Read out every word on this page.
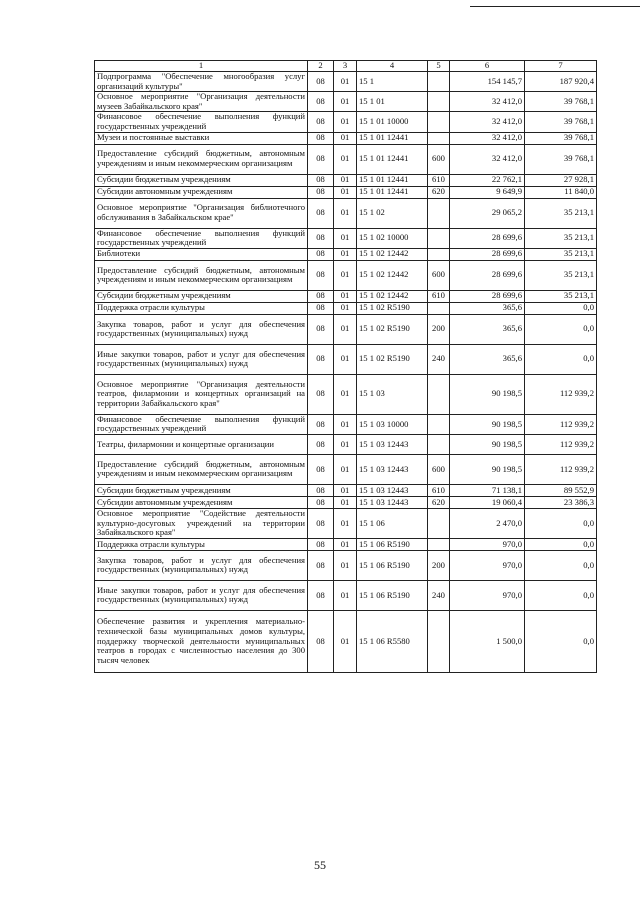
1	2	3	4	5	6	7
Подпрограмма "Обеспечение многообразия услуг организаций культуры"	08	01	15 1		154 145,7	187 920,4
Основное мероприятие "Организация деятельности музеев Забайкальского края"	08	01	15 1 01		32 412,0	39 768,1
Финансовое обеспечение выполнения функций государственных учреждений	08	01	15 1 01 10000		32 412,0	39 768,1
Музеи и постоянные выставки	08	01	15 1 01 12441		32 412,0	39 768,1
Предоставление субсидий бюджетным, автономным учреждениям и иным некоммерческим организациям	08	01	15 1 01 12441	600	32 412,0	39 768,1
Субсидии бюджетным учреждениям	08	01	15 1 01 12441	610	22 762,1	27 928,1
Субсидии автономным учреждениям	08	01	15 1 01 12441	620	9 649,9	11 840,0
Основное мероприятие "Организация библиотечного обслуживания в Забайкальском крае"	08	01	15 1 02		29 065,2	35 213,1
Финансовое обеспечение выполнения функций государственных учреждений	08	01	15 1 02 10000		28 699,6	35 213,1
Библиотеки	08	01	15 1 02 12442		28 699,6	35 213,1
Предоставление субсидий бюджетным, автономным учреждениям и иным некоммерческим организациям	08	01	15 1 02 12442	600	28 699,6	35 213,1
Субсидии бюджетным учреждениям	08	01	15 1 02 12442	610	28 699,6	35 213,1
Поддержка отрасли культуры	08	01	15 1 02 R5190		365,6	0,0
Закупка товаров, работ и услуг для обеспечения государственных (муниципальных) нужд	08	01	15 1 02 R5190	200	365,6	0,0
Иные закупки товаров, работ и услуг для обеспечения государственных (муниципальных) нужд	08	01	15 1 02 R5190	240	365,6	0,0
Основное мероприятие "Организация деятельности театров, филармонии и концертных организаций на территории Забайкальского края"	08	01	15 1 03		90 198,5	112 939,2
Финансовое обеспечение выполнения функций государственных учреждений	08	01	15 1 03 10000		90 198,5	112 939,2
Театры, филармонии и концертные организации	08	01	15 1 03 12443		90 198,5	112 939,2
Предоставление субсидий бюджетным, автономным учреждениям и иным некоммерческим организациям	08	01	15 1 03 12443	600	90 198,5	112 939,2
Субсидии бюджетным учреждениям	08	01	15 1 03 12443	610	71 138,1	89 552,9
Субсидии автономным учреждениям	08	01	15 1 03 12443	620	19 060,4	23 386,3
Основное мероприятие "Содействие деятельности культурно-досуговых учреждений на территории Забайкальского края"	08	01	15 1 06		2 470,0	0,0
Поддержка отрасли культуры	08	01	15 1 06 R5190		970,0	0,0
Закупка товаров, работ и услуг для обеспечения государственных (муниципальных) нужд	08	01	15 1 06 R5190	200	970,0	0,0
Иные закупки товаров, работ и услуг для обеспечения государственных (муниципальных) нужд	08	01	15 1 06 R5190	240	970,0	0,0
Обеспечение развития и укрепления материально-технической базы муниципальных домов культуры, поддержку творческой деятельности муниципальных театров в городах с численностью населения до 300 тысяч человек	08	01	15 1 06 R5580		1 500,0	0,0
55
